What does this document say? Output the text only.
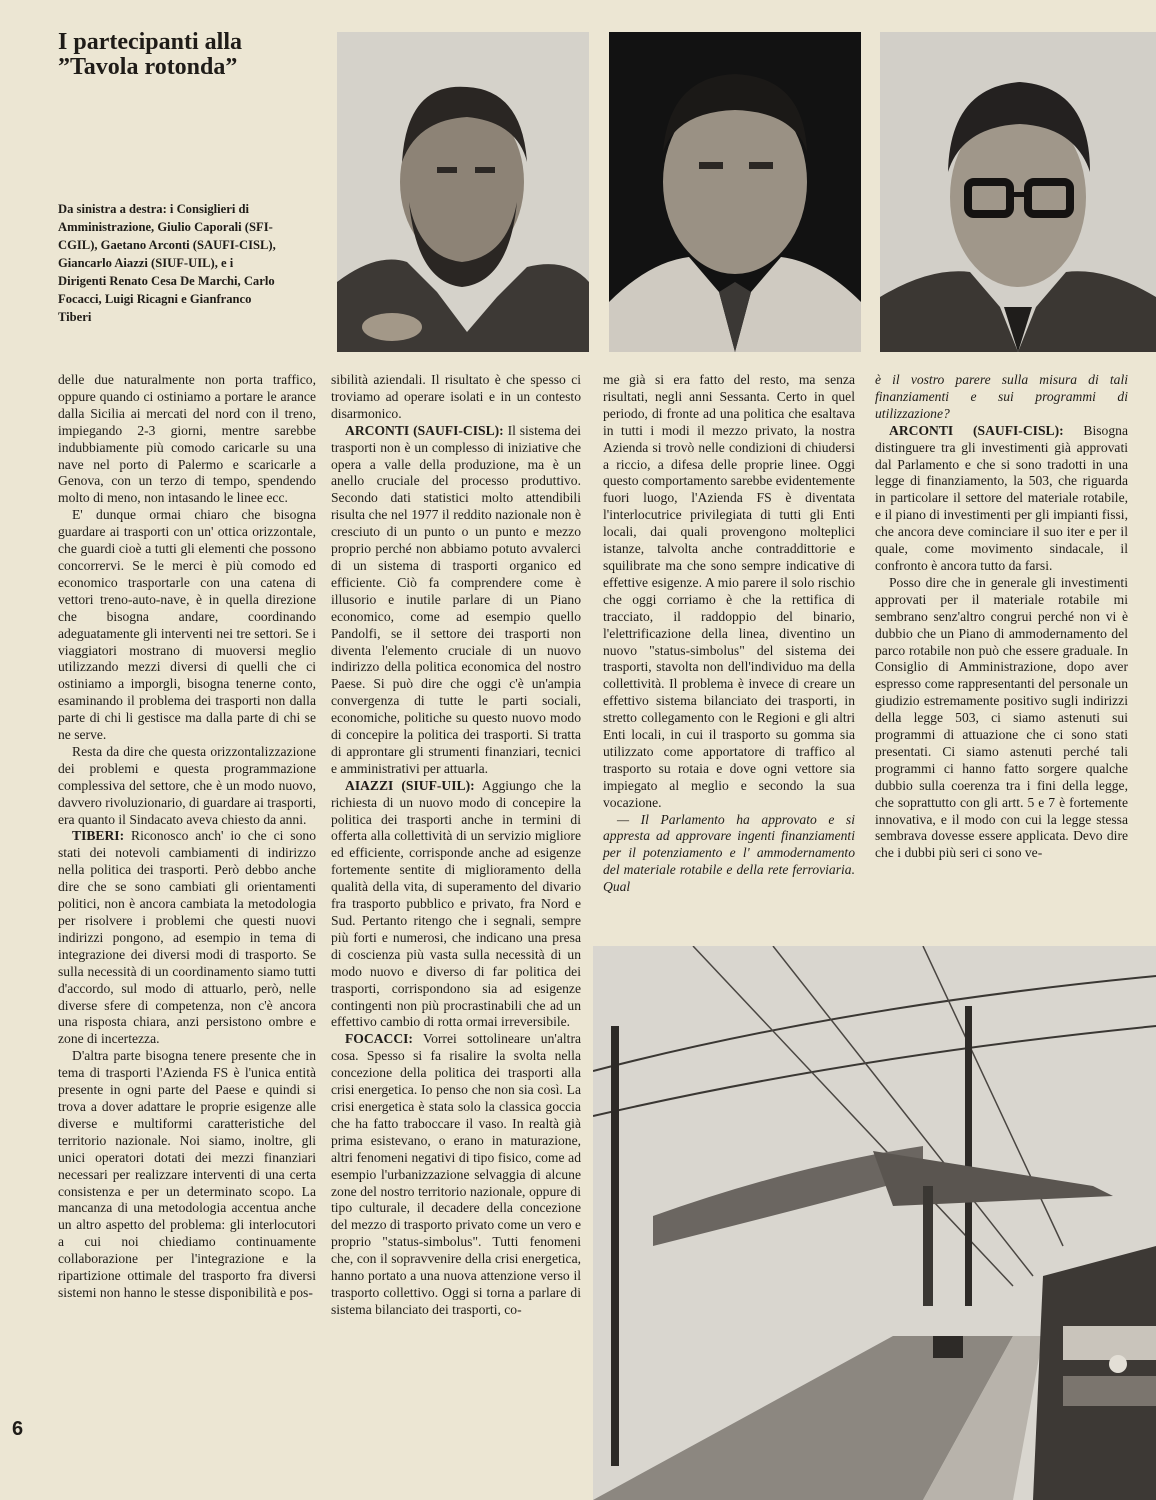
I partecipanti alla
”Tavola rotonda”
Da sinistra a destra: i Consiglieri di Amministrazione, Giulio Caporali (SFI-CGIL), Gaetano Arconti (SAUFI-CISL), Giancarlo Aiazzi (SIUF-UIL), e i Dirigenti Renato Cesa De Marchi, Carlo Focacci, Luigi Ricagni e Gianfranco Tiberi

delle due naturalmente non porta traffico, oppure quando ci ostiniamo a portare le arance dalla Sicilia ai mercati del nord con il treno, impiegando 2-3 giorni, mentre sarebbe indubbiamente più comodo caricarle su una nave nel porto di Palermo e scaricarle a Genova, con un terzo di tempo, spendendo molto di meno, non intasando le linee ecc.

E' dunque ormai chiaro che bisogna guardare ai trasporti con un' ottica orizzontale, che guardi cioè a tutti gli elementi che possono concorrervi. Se le merci è più comodo ed economico trasportarle con una catena di vettori treno-auto-nave, è in quella direzione che bisogna andare, coordinando adeguatamente gli interventi nei tre settori. Se i viaggiatori mostrano di muoversi meglio utilizzando mezzi diversi di quelli che ci ostiniamo a imporgli, bisogna tenerne conto, esaminando il problema dei trasporti non dalla parte di chi li gestisce ma dalla parte di chi se ne serve.

Resta da dire che questa orizzontalizzazione dei problemi e questa programmazione complessiva del settore, che è un modo nuovo, davvero rivoluzionario, di guardare ai trasporti, era quanto il Sindacato aveva chiesto da anni.

TIBERI: Riconosco anch' io che ci sono stati dei notevoli cambiamenti di indirizzo nella politica dei trasporti. Però debbo anche dire che se sono cambiati gli orientamenti politici, non è ancora cambiata la metodologia per risolvere i problemi che questi nuovi indirizzi pongono, ad esempio in tema di integrazione dei diversi modi di trasporto. Se sulla necessità di un coordinamento siamo tutti d'accordo, sul modo di attuarlo, però, nelle diverse sfere di competenza, non c'è ancora una risposta chiara, anzi persistono ombre e zone di incertezza.

D'altra parte bisogna tenere presente che in tema di trasporti l'Azienda FS è l'unica entità presente in ogni parte del Paese e quindi si trova a dover adattare le proprie esigenze alle diverse e multiformi caratteristiche del territorio nazionale. Noi siamo, inoltre, gli unici operatori dotati dei mezzi finanziari necessari per realizzare interventi di una certa consistenza e per un determinato scopo. La mancanza di una metodologia accentua anche un altro aspetto del problema: gli interlocutori a cui noi chiediamo continuamente collaborazione per l'integrazione e la ripartizione ottimale del trasporto fra diversi sistemi non hanno le stesse disponibilità e pos-

sibilità aziendali. Il risultato è che spesso ci troviamo ad operare isolati e in un contesto disarmonico.

ARCONTI (SAUFI-CISL): Il sistema dei trasporti non è un complesso di iniziative che opera a valle della produzione, ma è un anello cruciale del processo produttivo. Secondo dati statistici molto attendibili risulta che nel 1977 il reddito nazionale non è cresciuto di un punto o un punto e mezzo proprio perché non abbiamo potuto avvalerci di un sistema di trasporti organico ed efficiente. Ciò fa comprendere come è illusorio e inutile parlare di un Piano economico, come ad esempio quello Pandolfi, se il settore dei trasporti non diventa l'elemento cruciale di un nuovo indirizzo della politica economica del nostro Paese. Si può dire che oggi c'è un'ampia convergenza di tutte le parti sociali, economiche, politiche su questo nuovo modo di concepire la politica dei trasporti. Si tratta di approntare gli strumenti finanziari, tecnici e amministrativi per attuarla.

AIAZZI (SIUF-UIL): Aggiungo che la richiesta di un nuovo modo di concepire la politica dei trasporti anche in termini di offerta alla collettività di un servizio migliore ed efficiente, corrisponde anche ad esigenze fortemente sentite di miglioramento della qualità della vita, di superamento del divario fra trasporto pubblico e privato, fra Nord e Sud. Pertanto ritengo che i segnali, sempre più forti e numerosi, che indicano una presa di coscienza più vasta sulla necessità di un modo nuovo e diverso di far politica dei trasporti, corrispondono sia ad esigenze contingenti non più procrastinabili che ad un effettivo cambio di rotta ormai irreversibile.

FOCACCI: Vorrei sottolineare un'altra cosa. Spesso si fa risalire la svolta nella concezione della politica dei trasporti alla crisi energetica. Io penso che non sia così. La crisi energetica è stata solo la classica goccia che ha fatto traboccare il vaso. In realtà già prima esistevano, o erano in maturazione, altri fenomeni negativi di tipo fisico, come ad esempio l'urbanizzazione selvaggia di alcune zone del nostro territorio nazionale, oppure di tipo culturale, il decadere della concezione del mezzo di trasporto privato come un vero e proprio "status-simbolus". Tutti fenomeni che, con il sopravvenire della crisi energetica, hanno portato a una nuova attenzione verso il trasporto collettivo. Oggi si torna a parlare di sistema bilanciato dei trasporti, co-

me già si era fatto del resto, ma senza risultati, negli anni Sessanta. Certo in quel periodo, di fronte ad una politica che esaltava in tutti i modi il mezzo privato, la nostra Azienda si trovò nelle condizioni di chiudersi a riccio, a difesa delle proprie linee. Oggi questo comportamento sarebbe evidentemente fuori luogo, l'Azienda FS è diventata l'interlocutrice privilegiata di tutti gli Enti locali, dai quali provengono molteplici istanze, talvolta anche contraddittorie e squilibrate ma che sono sempre indicative di effettive esigenze. A mio parere il solo rischio che oggi corriamo è che la rettifica di tracciato, il raddoppio del binario, l'elettrificazione della linea, diventino un nuovo "status-simbolus" del sistema dei trasporti, stavolta non dell'individuo ma della collettività. Il problema è invece di creare un effettivo sistema bilanciato dei trasporti, in stretto collegamento con le Regioni e gli altri Enti locali, in cui il trasporto su gomma sia utilizzato come apportatore di traffico al trasporto su rotaia e dove ogni vettore sia impiegato al meglio e secondo la sua vocazione.

— Il Parlamento ha approvato e si appresta ad approvare ingenti finanziamenti per il potenziamento e l' ammodernamento del materiale rotabile e della rete ferroviaria. Qual

è il vostro parere sulla misura di tali finanziamenti e sui programmi di utilizzazione?

ARCONTI (SAUFI-CISL): Bisogna distinguere tra gli investimenti già approvati dal Parlamento e che si sono tradotti in una legge di finanziamento, la 503, che riguarda in particolare il settore del materiale rotabile, e il piano di investimenti per gli impianti fissi, che ancora deve cominciare il suo iter e per il quale, come movimento sindacale, il confronto è ancora tutto da farsi.

Posso dire che in generale gli investimenti approvati per il materiale rotabile mi sembrano senz'altro congrui perché non vi è dubbio che un Piano di ammodernamento del parco rotabile non può che essere graduale. In Consiglio di Amministrazione, dopo aver espresso come rappresentanti del personale un giudizio estremamente positivo sugli indirizzi della legge 503, ci siamo astenuti sui programmi di attuazione che ci sono stati presentati. Ci siamo astenuti perché tali programmi ci hanno fatto sorgere qualche dubbio sulla coerenza tra i fini della legge, che soprattutto con gli artt. 5 e 7 è fortemente innovativa, e il modo con cui la legge stessa sembrava dovesse essere applicata. Devo dire che i dubbi più seri ci sono ve-

6
